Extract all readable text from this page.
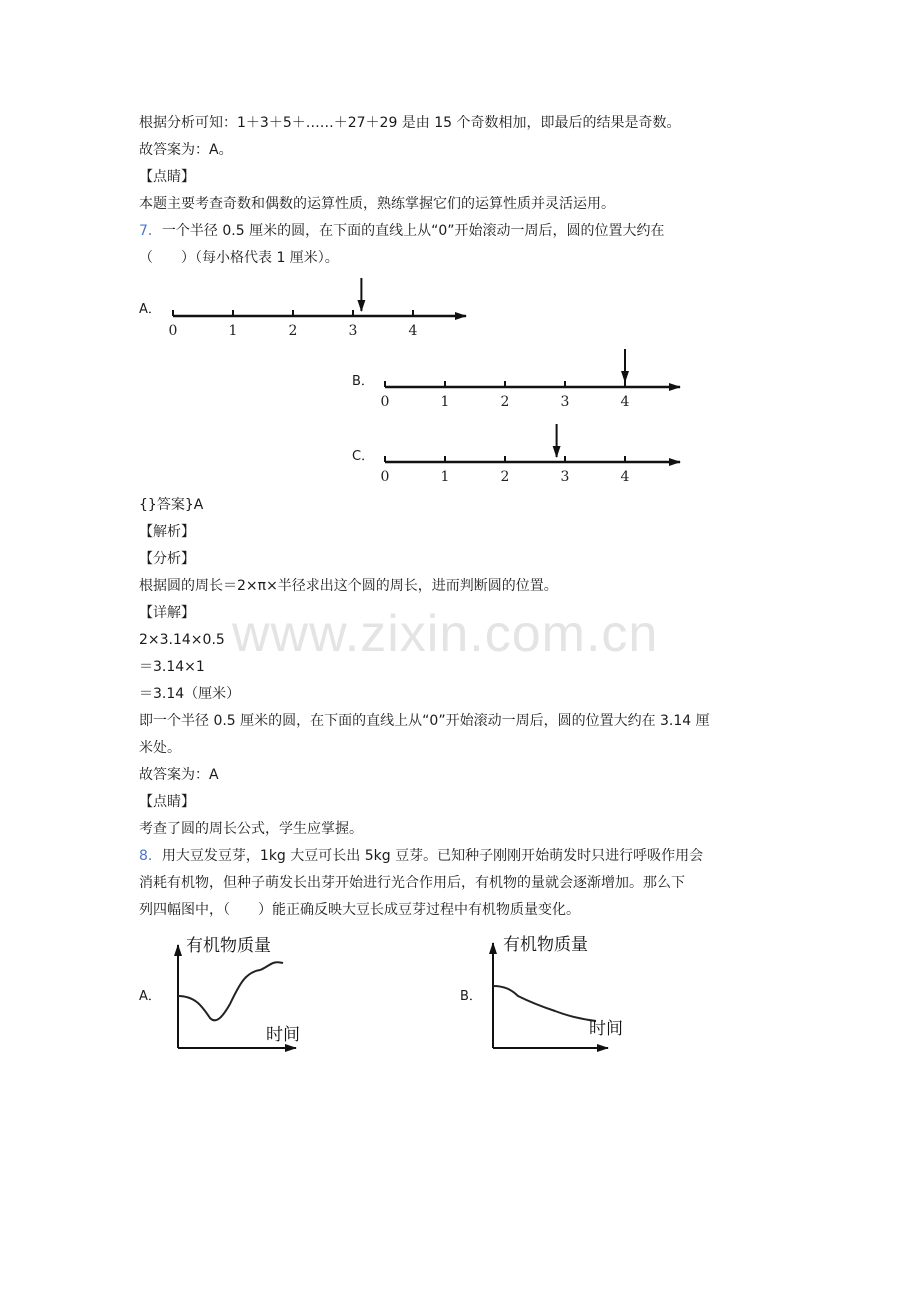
www.zixin.com.cn
根据分析可知：1＋3＋5＋……＋27＋29 是由 15 个奇数相加，即最后的结果是奇数。
故答案为：A。
【点睛】
本题主要考查奇数和偶数的运算性质，熟练掌握它们的运算性质并灵活运用。
7．一个半径 0.5 厘米的圆，在下面的直线上从“0”开始滚动一周后，圆的位置大约在
（　　）（每小格代表 1 厘米）。
A．
B．
C．
0	1	2	3	4
0	1	2	3	4
0	1	2	3	4
有机物质量
时间
有机物质量
时间
{}答案}A
【解析】
【分析】
根据圆的周长＝2×π×半径求出这个圆的周长，进而判断圆的位置。
【详解】
2×3.14×0.5
＝3.14×1
＝3.14（厘米）
即一个半径 0.5 厘米的圆，在下面的直线上从“0”开始滚动一周后，圆的位置大约在 3.14 厘
米处。
故答案为：A
【点睛】
考查了圆的周长公式，学生应掌握。
8．用大豆发豆芽，1kg 大豆可长出 5kg 豆芽。已知种子刚刚开始萌发时只进行呼吸作用会
消耗有机物，但种子萌发长出芽开始进行光合作用后，有机物的量就会逐渐增加。那么下
列四幅图中，（　　）能正确反映大豆长成豆芽过程中有机物质量变化。
A．	B．
